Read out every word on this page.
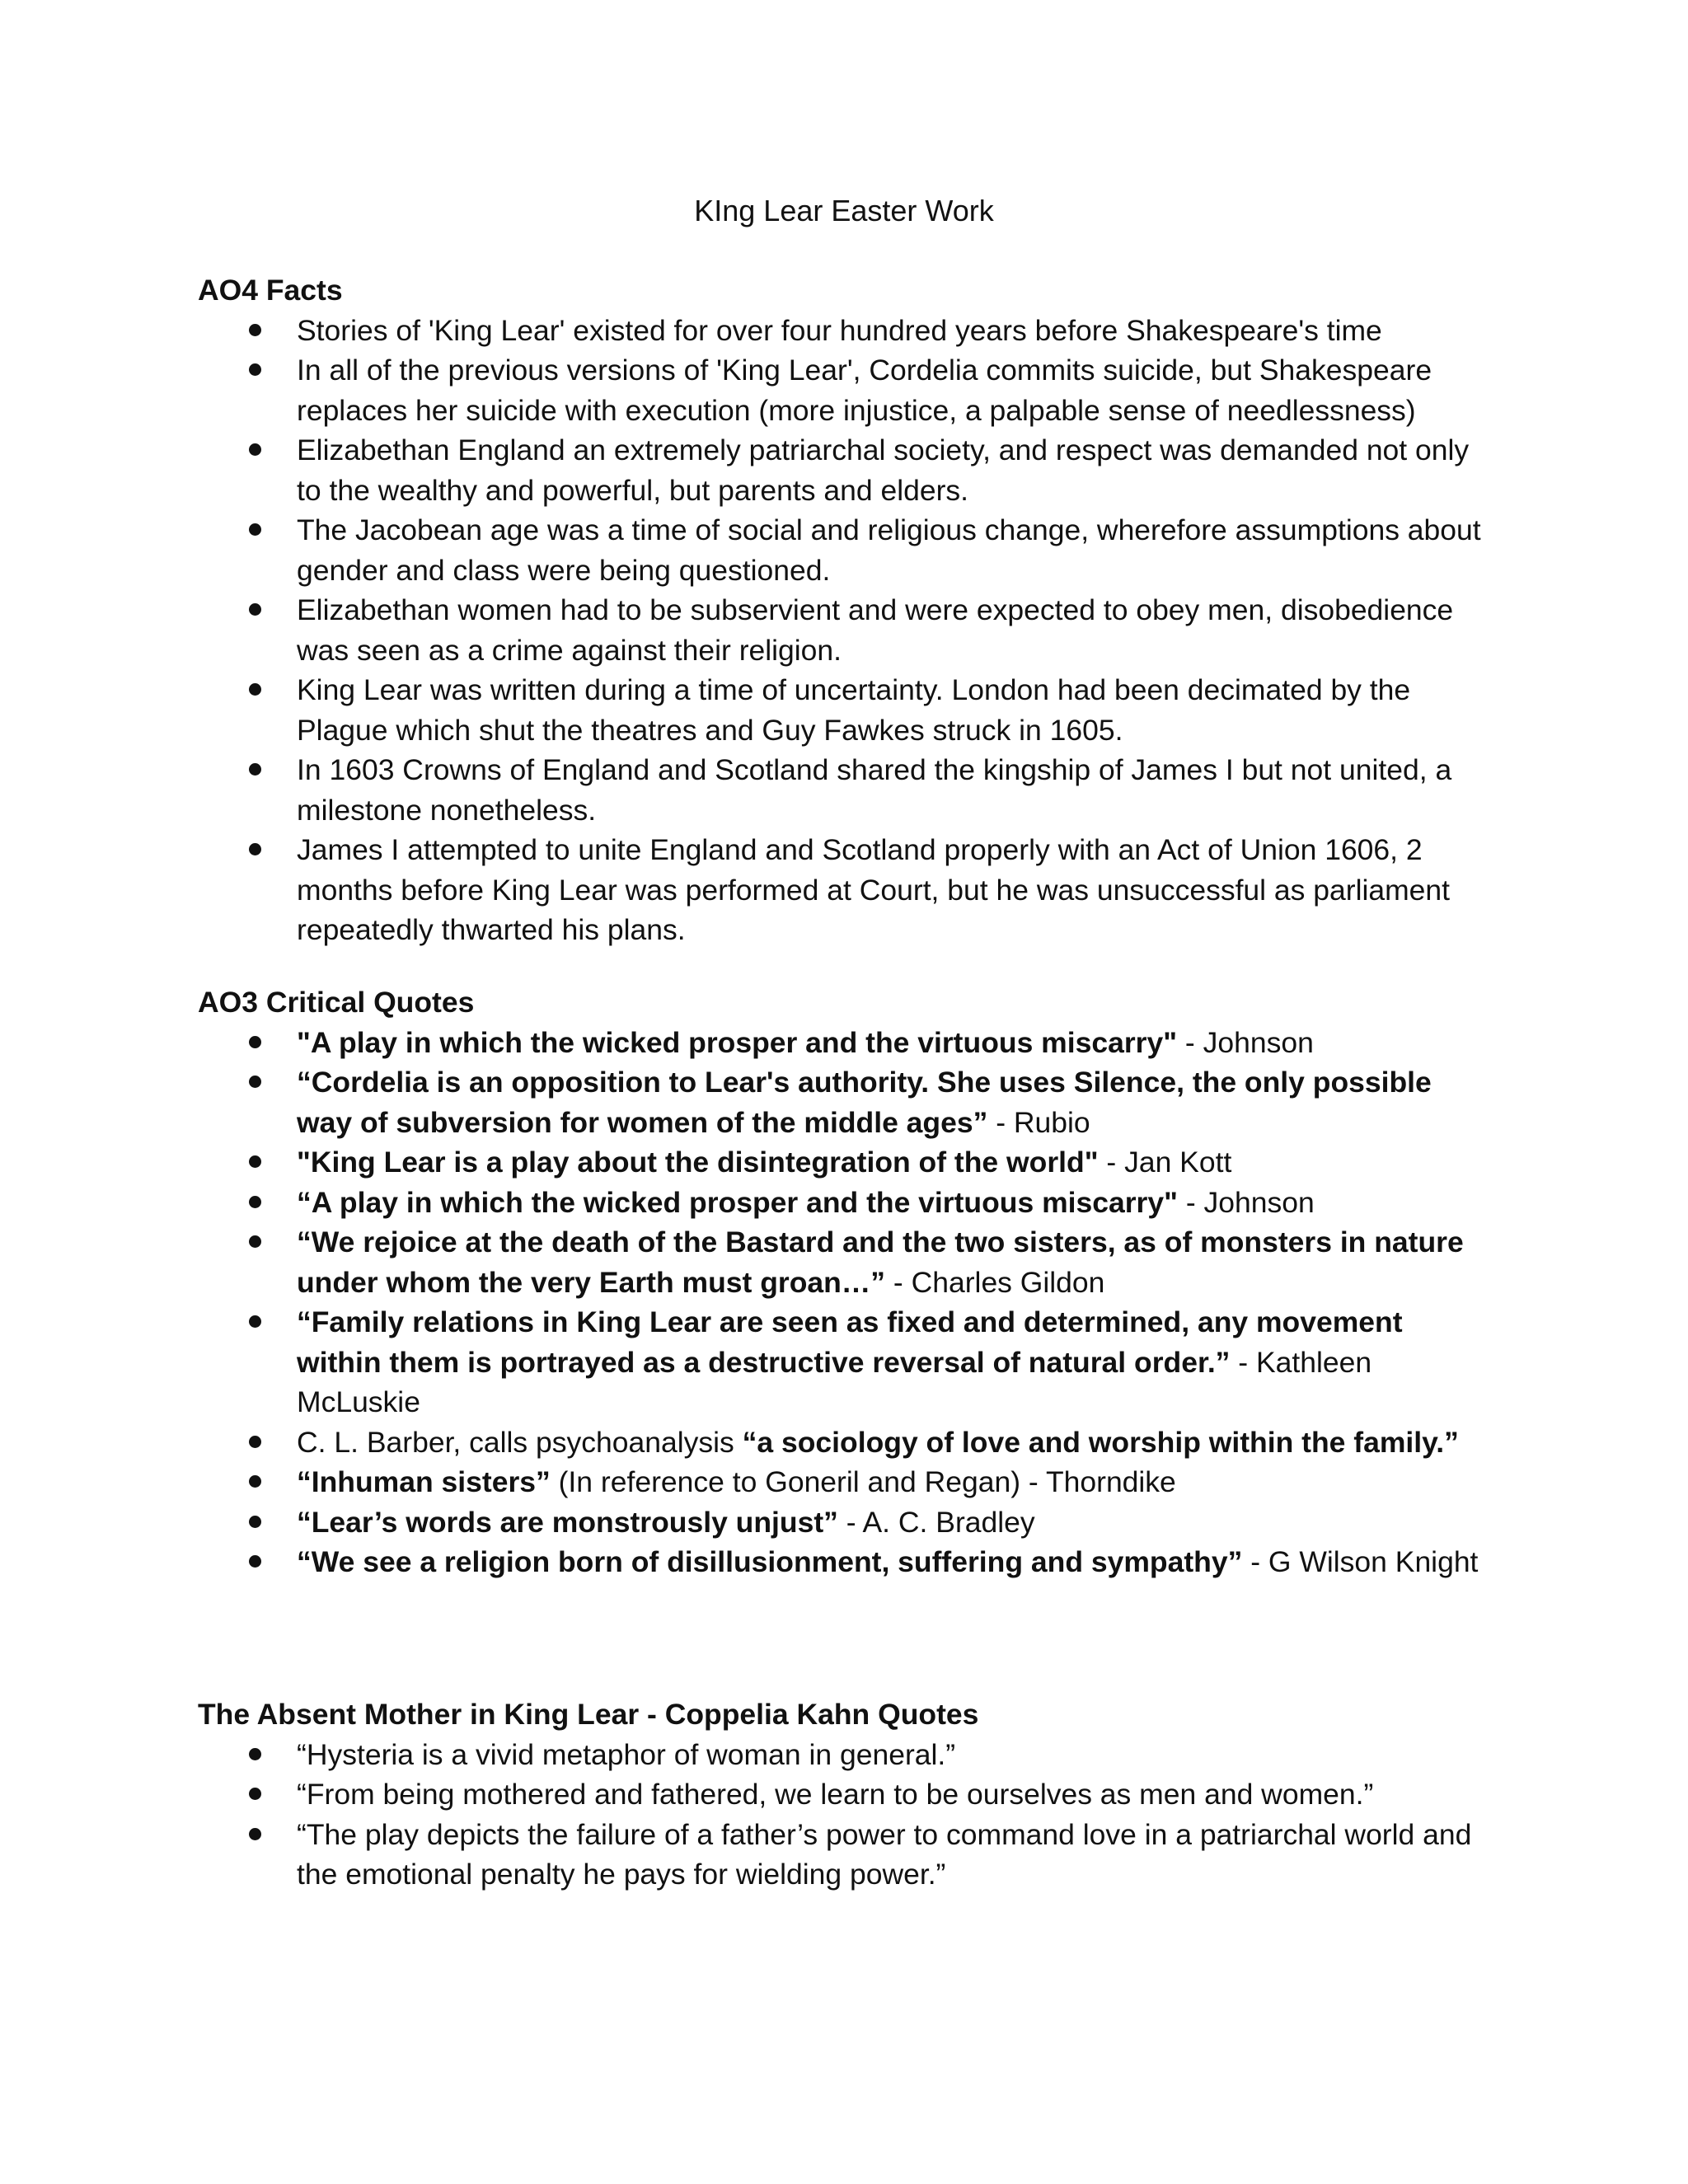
KIng Lear Easter Work
AO4 Facts
Stories of 'King Lear' existed for over four hundred years before Shakespeare's time
In all of the previous versions of 'King Lear', Cordelia commits suicide, but Shakespeare replaces her suicide with execution (more injustice, a palpable sense of needlessness)
Elizabethan England an extremely patriarchal society, and respect was demanded not only to the wealthy and powerful, but parents and elders.
The Jacobean age was a time of social and religious change, wherefore assumptions about gender and class were being questioned.
Elizabethan women had to be subservient and were expected to obey men, disobedience was seen as a crime against their religion.
King Lear was written during a time of uncertainty. London had been decimated by the Plague which shut the theatres and Guy Fawkes struck in 1605.
In 1603 Crowns of England and Scotland shared the kingship of James I but not united, a milestone nonetheless.
James I attempted to unite England and Scotland properly with an Act of Union 1606, 2 months before King Lear was performed at Court, but he was unsuccessful as parliament repeatedly thwarted his plans.
AO3 Critical Quotes
"A play in which the wicked prosper and the virtuous miscarry" - Johnson
“Cordelia is an opposition to Lear's authority. She uses Silence, the only possible way of subversion for women of the middle ages” - Rubio
"King Lear is a play about the disintegration of the world" - Jan Kott
“A play in which the wicked prosper and the virtuous miscarry" - Johnson
“We rejoice at the death of the Bastard and the two sisters, as of monsters in nature under whom the very Earth must groan…” - Charles Gildon
“Family relations in King Lear are seen as fixed and determined, any movement within them is portrayed as a destructive reversal of natural order.” - Kathleen McLuskie
C. L. Barber, calls psychoanalysis “a sociology of love and worship within the family.”
“Inhuman sisters” (In reference to Goneril and Regan) - Thorndike
“Lear’s words are monstrously unjust” - A. C. Bradley
“We see a religion born of disillusionment, suffering and sympathy” - G Wilson Knight
The Absent Mother in King Lear - Coppelia Kahn Quotes
“Hysteria is a vivid metaphor of woman in general.”
“From being mothered and fathered, we learn to be ourselves as men and women.”
“The play depicts the failure of a father’s power to command love in a patriarchal world and the emotional penalty he pays for wielding power.”
